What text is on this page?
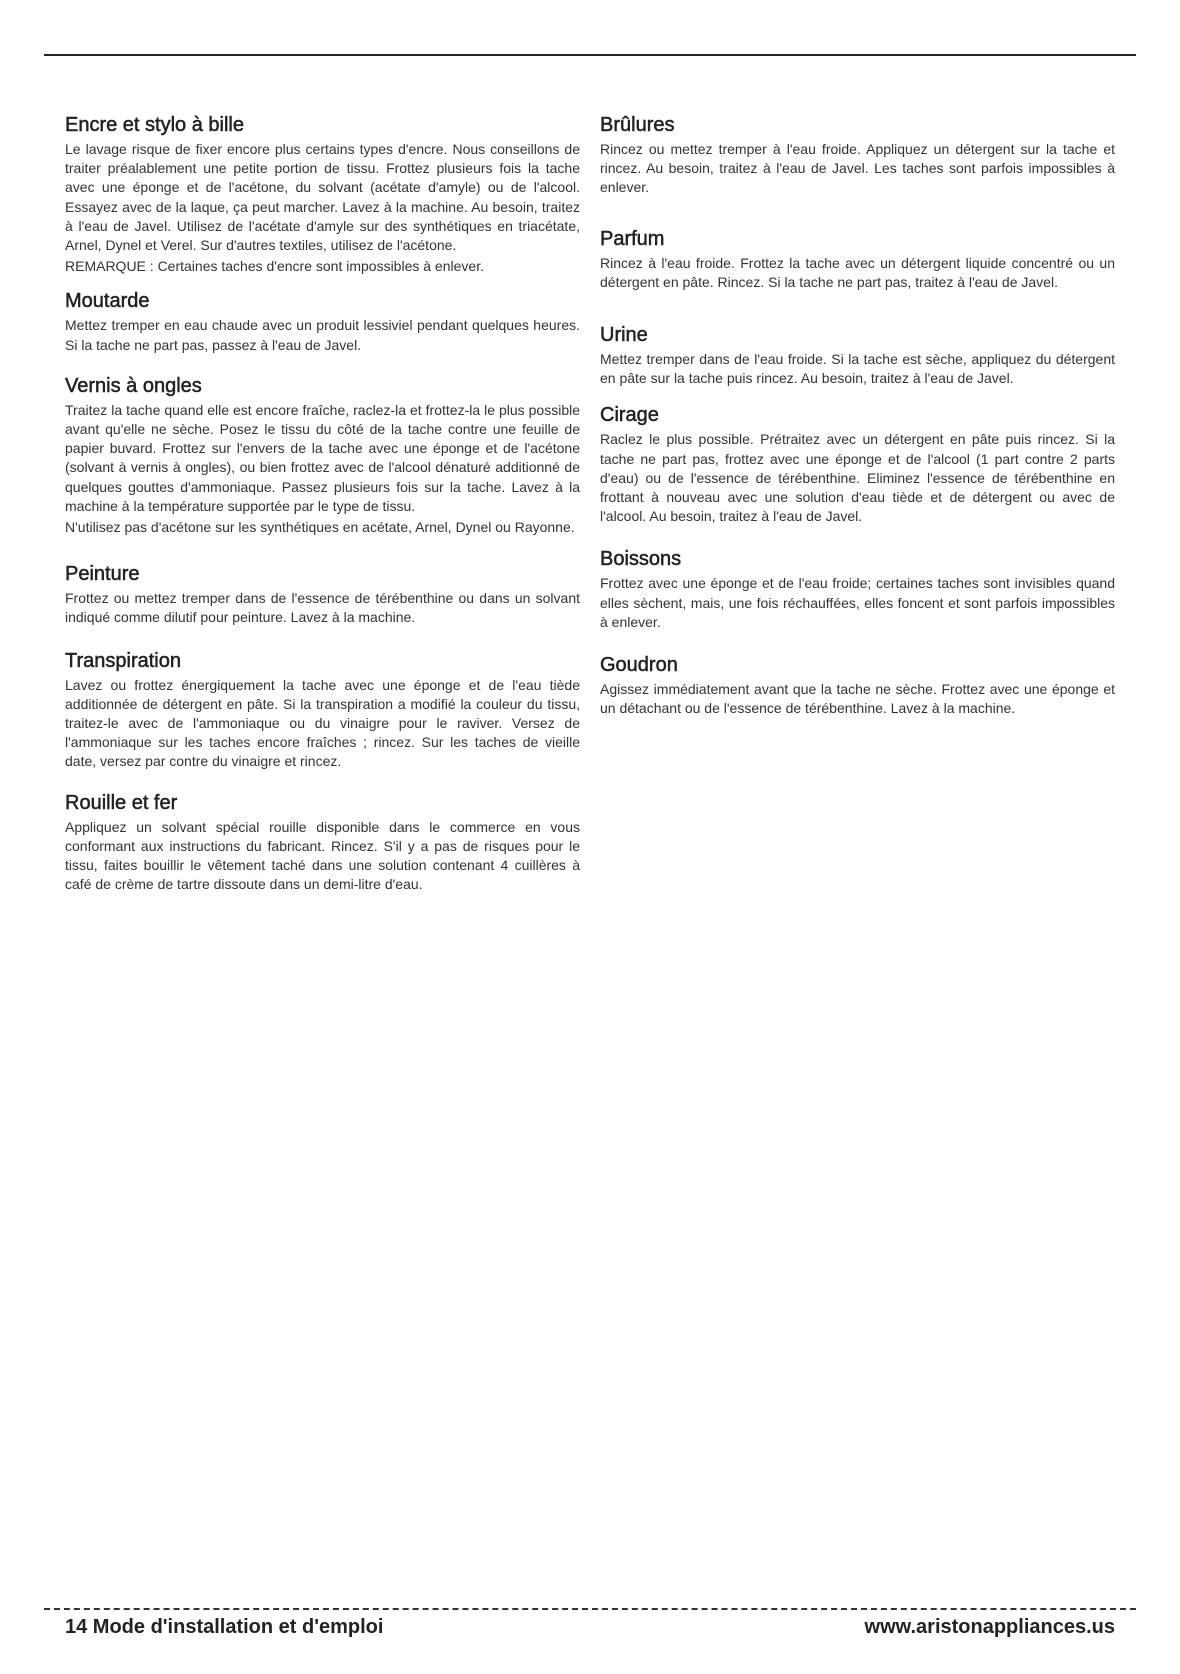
Encre et stylo à bille

Le lavage risque de fixer encore plus certains types d'encre. Nous conseillons de traiter préalablement une petite portion de tissu. Frottez plusieurs fois la tache avec une éponge et de l'acétone, du solvant (acétate d'amyle) ou de l'alcool. Essayez avec de la laque, ça peut marcher. Lavez à la machine. Au besoin, traitez à l'eau de Javel. Utilisez de l'acétate d'amyle sur des synthétiques en triacétate, Arnel, Dynel et Verel. Sur d'autres textiles, utilisez de l'acétone.

REMARQUE : Certaines taches d'encre sont impossibles à enlever.

Moutarde

Mettez tremper en eau chaude avec un produit lessiviel pendant quelques heures. Si la tache ne part pas, passez à l'eau de Javel.

Vernis à ongles

Traitez la tache quand elle est encore fraîche, raclez-la et frottez-la le plus possible avant qu'elle ne sèche. Posez le tissu du côté de la tache contre une feuille de papier buvard. Frottez sur l'envers de la tache avec une éponge et de l'acétone (solvant à vernis à ongles), ou bien frottez avec de l'alcool dénaturé additionné de quelques gouttes d'ammoniaque. Passez plusieurs fois sur la tache. Lavez à la machine à la température supportée par le type de tissu.

N'utilisez pas d'acétone sur les synthétiques en acétate, Arnel, Dynel ou Rayonne.

Peinture

Frottez ou mettez tremper dans de l'essence de térébenthine ou dans un solvant indiqué comme dilutif pour peinture. Lavez à la machine.

Transpiration

Lavez ou frottez énergiquement la tache avec une éponge et de l'eau tiède additionnée de détergent en pâte. Si la transpiration a modifié la couleur du tissu, traitez-le avec de l'ammoniaque ou du vinaigre pour le raviver. Versez de l'ammoniaque sur les taches encore fraîches ; rincez. Sur les taches de vieille date, versez par contre du vinaigre et rincez.

Rouille et fer

Appliquez un solvant spécial rouille disponible dans le commerce en vous conformant aux instructions du fabricant. Rincez. S'il y a pas de risques pour le tissu, faites bouillir le vêtement taché dans une solution contenant 4 cuillères à café de crème de tartre dissoute dans un demi-litre d'eau.

Brûlures

Rincez ou mettez tremper à l'eau froide. Appliquez un détergent sur la tache et rincez. Au besoin, traitez à l'eau de Javel. Les taches sont parfois impossibles à enlever.

Parfum

Rincez à l'eau froide. Frottez la tache avec un détergent liquide concentré ou un détergent en pâte. Rincez. Si la tache ne part pas, traitez à l'eau de Javel.

Urine

Mettez tremper dans de l'eau froide. Si la tache est sèche, appliquez du détergent en pâte sur la tache puis rincez. Au besoin, traitez à l'eau de Javel.

Cirage

Raclez le plus possible. Prétraitez avec un détergent en pâte puis rincez. Si la tache ne part pas, frottez avec une éponge et de l'alcool (1 part contre 2 parts d'eau) ou de l'essence de térébenthine. Eliminez l'essence de térébenthine en frottant à nouveau avec une solution d'eau tiède et de détergent ou avec de l'alcool. Au besoin, traitez à l'eau de Javel.

Boissons

Frottez avec une éponge et de l'eau froide; certaines taches sont invisibles quand elles sèchent, mais, une fois réchauffées, elles foncent et sont parfois impossibles à enlever.

Goudron

Agissez immédiatement avant que la tache ne sèche. Frottez avec une éponge et un détachant ou de l'essence de térébenthine. Lavez à la machine.

14 Mode d'installation et d'emploi	www.aristonappliances.us
